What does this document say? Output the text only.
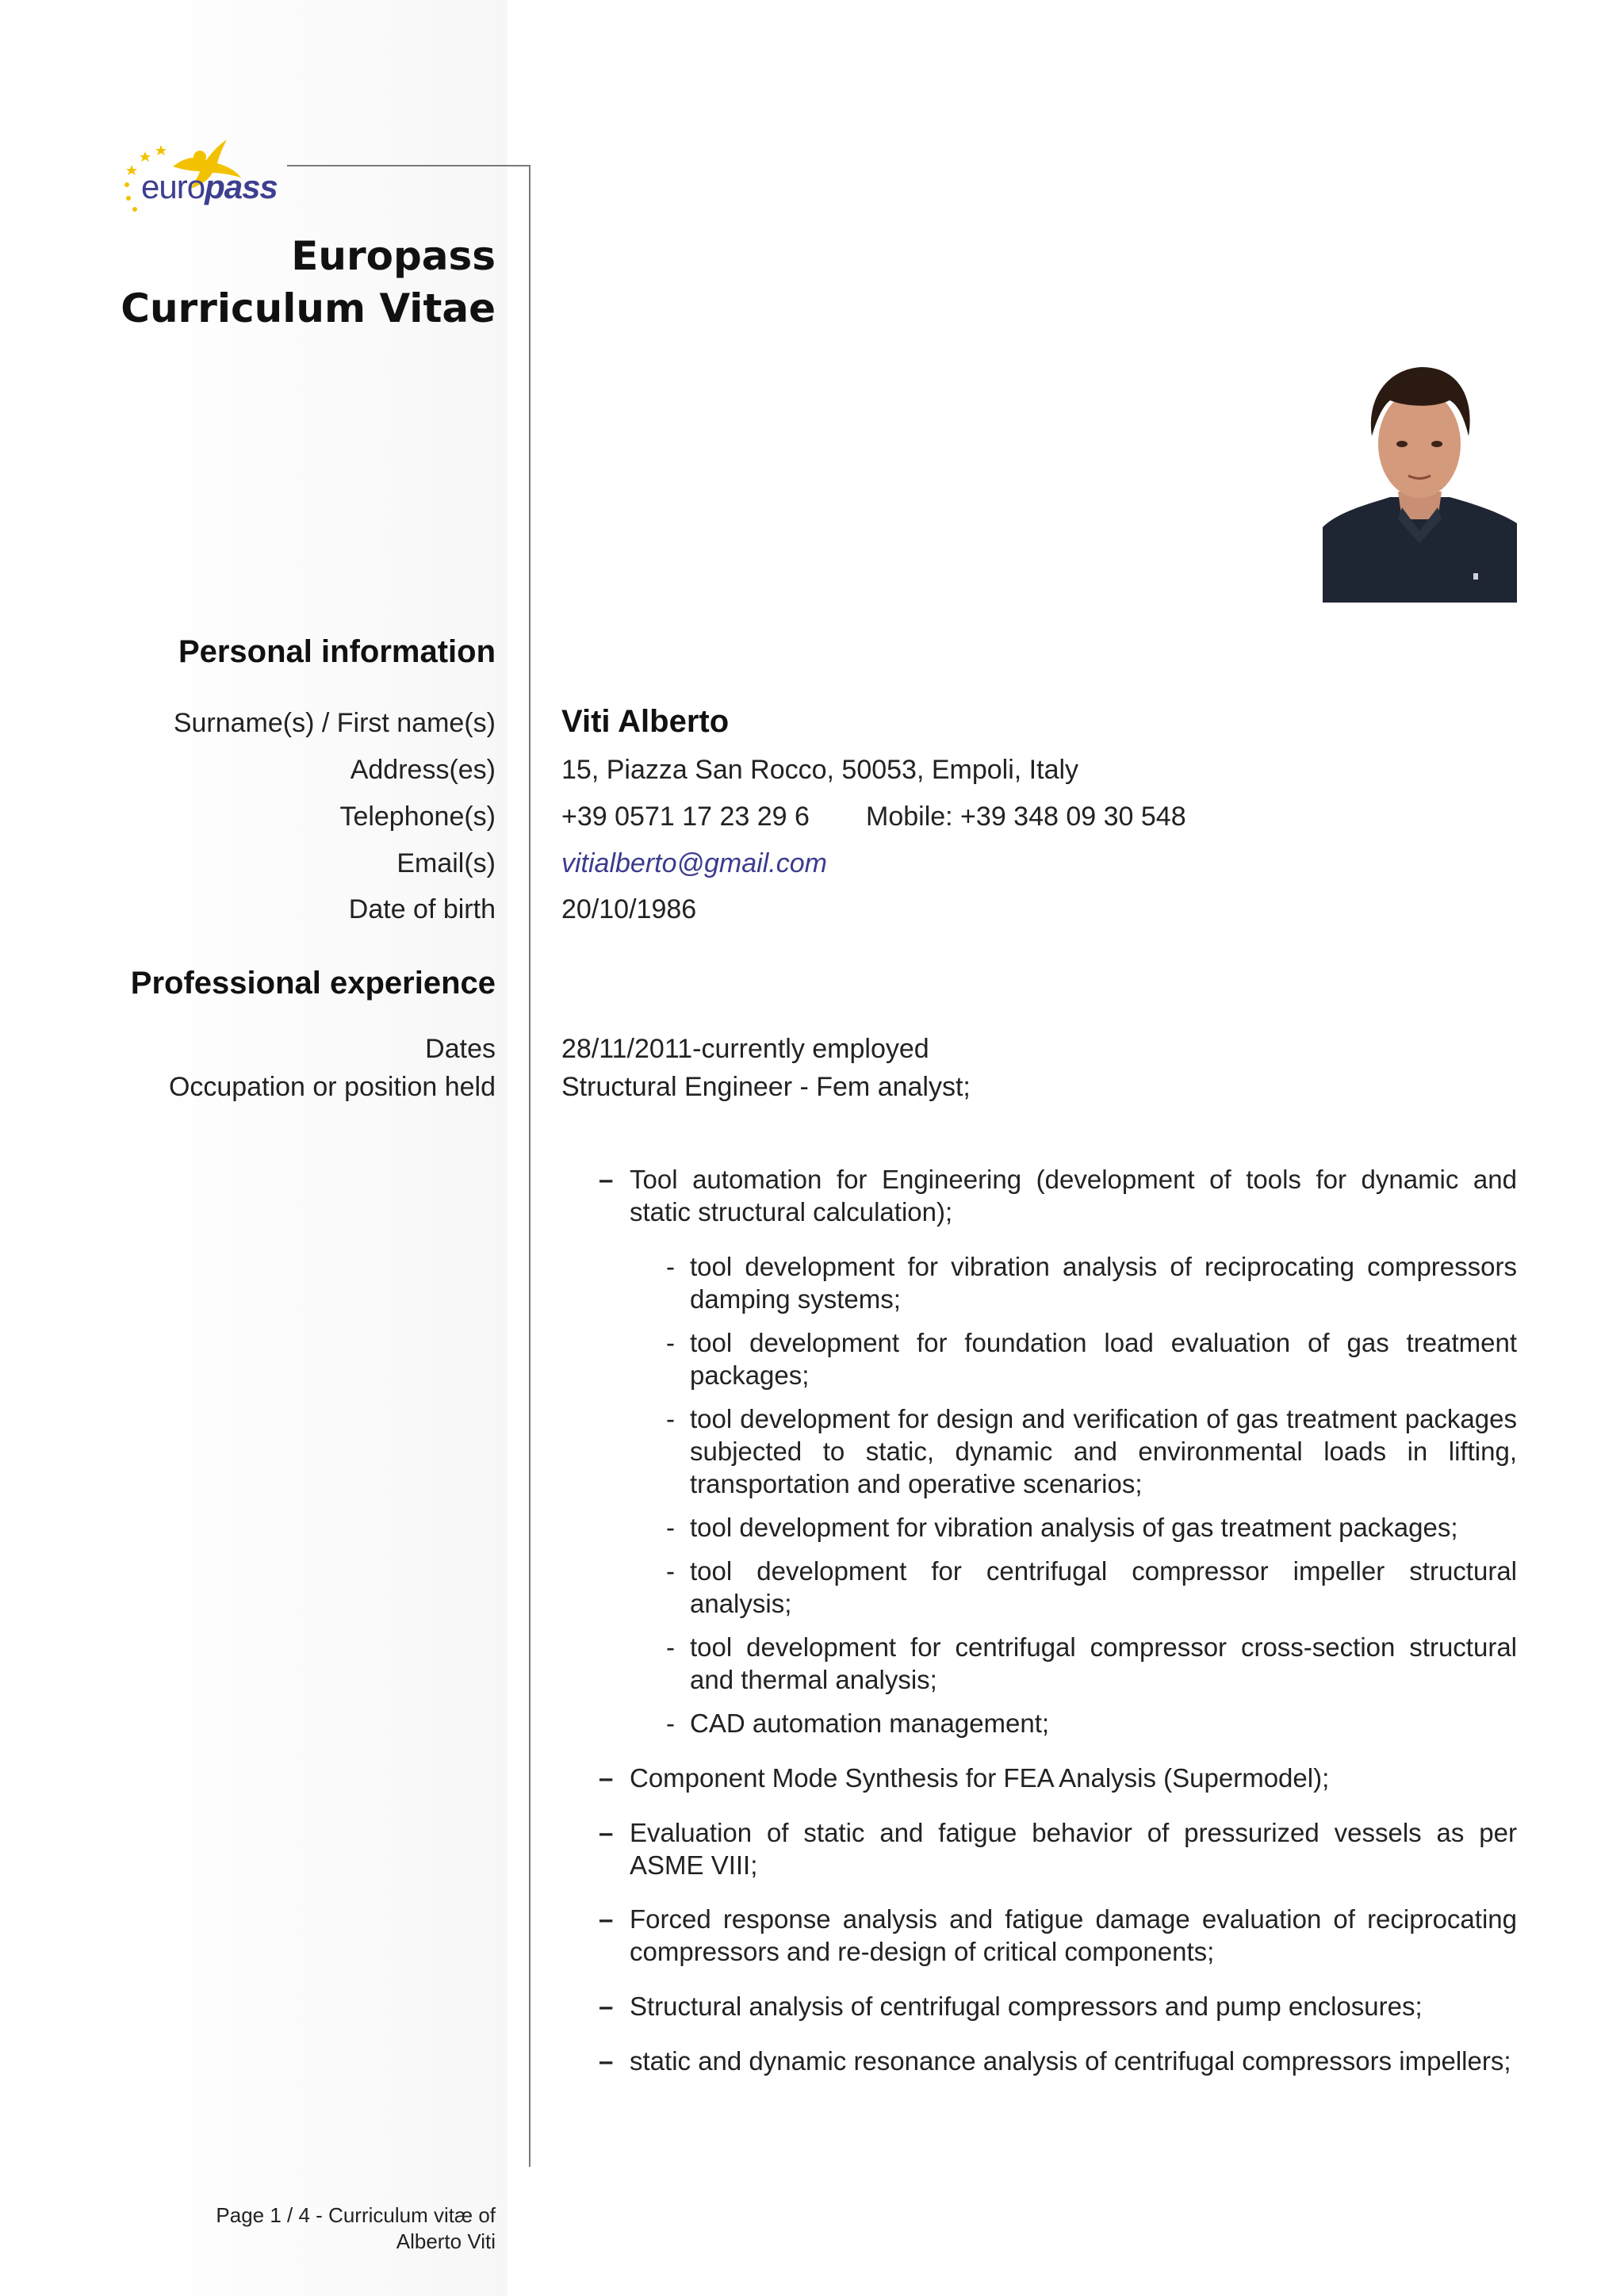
europass
Europass
Curriculum Vitae
Personal information
Surname(s) / First name(s) Viti Alberto
Address(es) 15, Piazza San Rocco, 50053, Empoli, Italy
Telephone(s) +39 0571 17 23 29 6 Mobile: +39 348 09 30 548
Email(s) vitialberto@gmail.com
Date of birth 20/10/1986
Professional experience
Dates 28/11/2011-currently employed
Occupation or position held Structural Engineer - Fem analyst;
– Tool automation for Engineering (development of tools for dynamic and static structural calculation);
- tool development for vibration analysis of reciprocating compressors damping systems;
- tool development for foundation load evaluation of gas treatment packages;
- tool development for design and verification of gas treatment packages subjected to static, dynamic and environmental loads in lifting, transportation and operative scenarios;
- tool development for vibration analysis of gas treatment packages;
- tool development for centrifugal compressor impeller structural analysis;
- tool development for centrifugal compressor cross-section structural and thermal analysis;
- CAD automation management;
– Component Mode Synthesis for FEA Analysis (Supermodel);
– Evaluation of static and fatigue behavior of pressurized vessels as per ASME VIII;
– Forced response analysis and fatigue damage evaluation of reciprocating compressors and re-design of critical components;
– Structural analysis of centrifugal compressors and pump enclosures;
– static and dynamic resonance analysis of centrifugal compressors impellers;
Page 1 / 4 - Curriculum vitæ of
Alberto Viti
